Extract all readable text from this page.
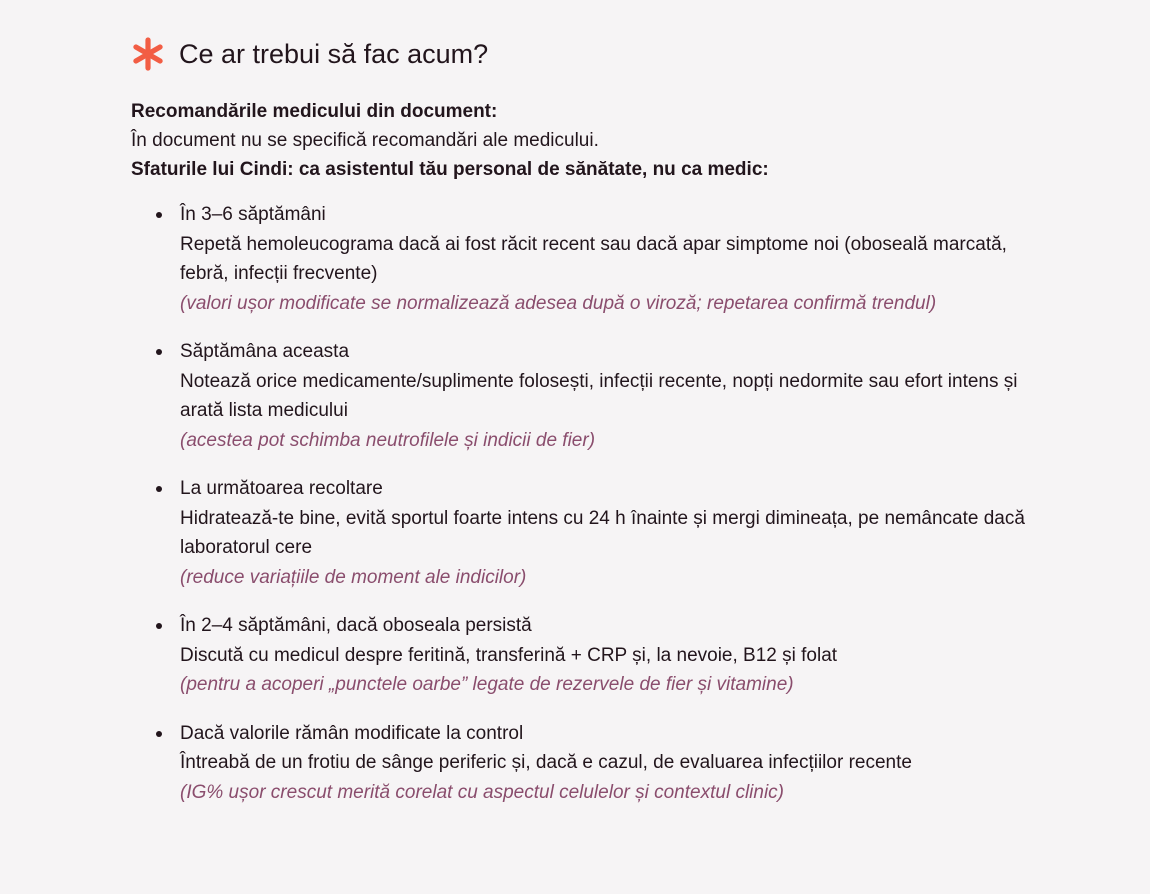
Ce ar trebui să fac acum?
Recomandările medicului din document:
În document nu se specifică recomandări ale medicului.
Sfaturile lui Cindi: ca asistentul tău personal de sănătate, nu ca medic:
În 3–6 săptămâni
Repetă hemoleucograma dacă ai fost răcit recent sau dacă apar simptome noi (oboseală marcată, febră, infecții frecvente)
(valori ușor modificate se normalizează adesea după o viroză; repetarea confirmă trendul)
Săptămâna aceasta
Notează orice medicamente/suplimente folosești, infecții recente, nopți nedormite sau efort intens și arată lista medicului
(acestea pot schimba neutrofilele și indicii de fier)
La următoarea recoltare
Hidratează-te bine, evită sportul foarte intens cu 24 h înainte și mergi dimineața, pe nemâncate dacă laboratorul cere
(reduce variațiile de moment ale indicilor)
În 2–4 săptămâni, dacă oboseala persistă
Discută cu medicul despre feritină, transferină + CRP și, la nevoie, B12 și folat
(pentru a acoperi „punctele oarbe” legate de rezervele de fier și vitamine)
Dacă valorile rămân modificate la control
Întreabă de un frotiu de sânge periferic și, dacă e cazul, de evaluarea infecțiilor recente
(IG% ușor crescut merită corelat cu aspectul celulelor și contextul clinic)
